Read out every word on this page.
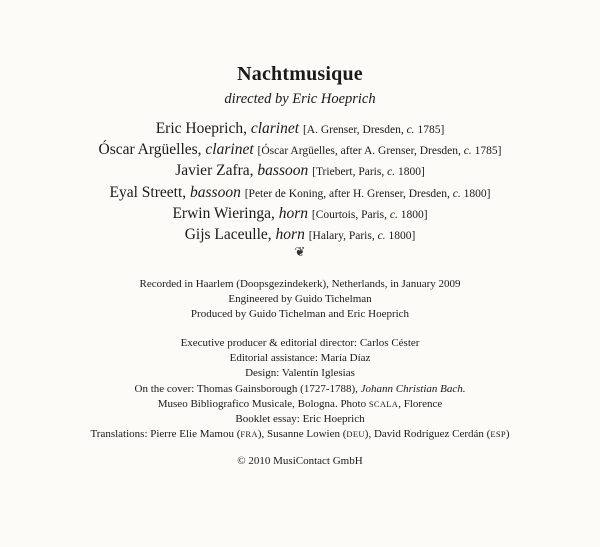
Nachtmusique
directed by Eric Hoeprich
Eric Hoeprich, clarinet [A. Grenser, Dresden, c. 1785]
Óscar Argüelles, clarinet [Óscar Argüelles, after A. Grenser, Dresden, c. 1785]
Javier Zafra, bassoon [Triebert, Paris, c. 1800]
Eyal Streett, bassoon [Peter de Koning, after H. Grenser, Dresden, c. 1800]
Erwin Wieringa, horn [Courtois, Paris, c. 1800]
Gijs Laceulle, horn [Halary, Paris, c. 1800]
❦
Recorded in Haarlem (Doopsgezindekerk), Netherlands, in January 2009
Engineered by Guido Tichelman
Produced by Guido Tichelman and Eric Hoeprich
Executive producer & editorial director: Carlos Céster
Editorial assistance: María Díaz
Design: Valentín Iglesias
On the cover: Thomas Gainsborough (1727-1788), Johann Christian Bach.
Museo Bibliografico Musicale, Bologna. Photo SCALA, Florence
Booklet essay: Eric Hoeprich
Translations: Pierre Elie Mamou (FRA), Susanne Lowien (DEU), David Rodríguez Cerdán (ESP)
© 2010 MusiContact GmbH
